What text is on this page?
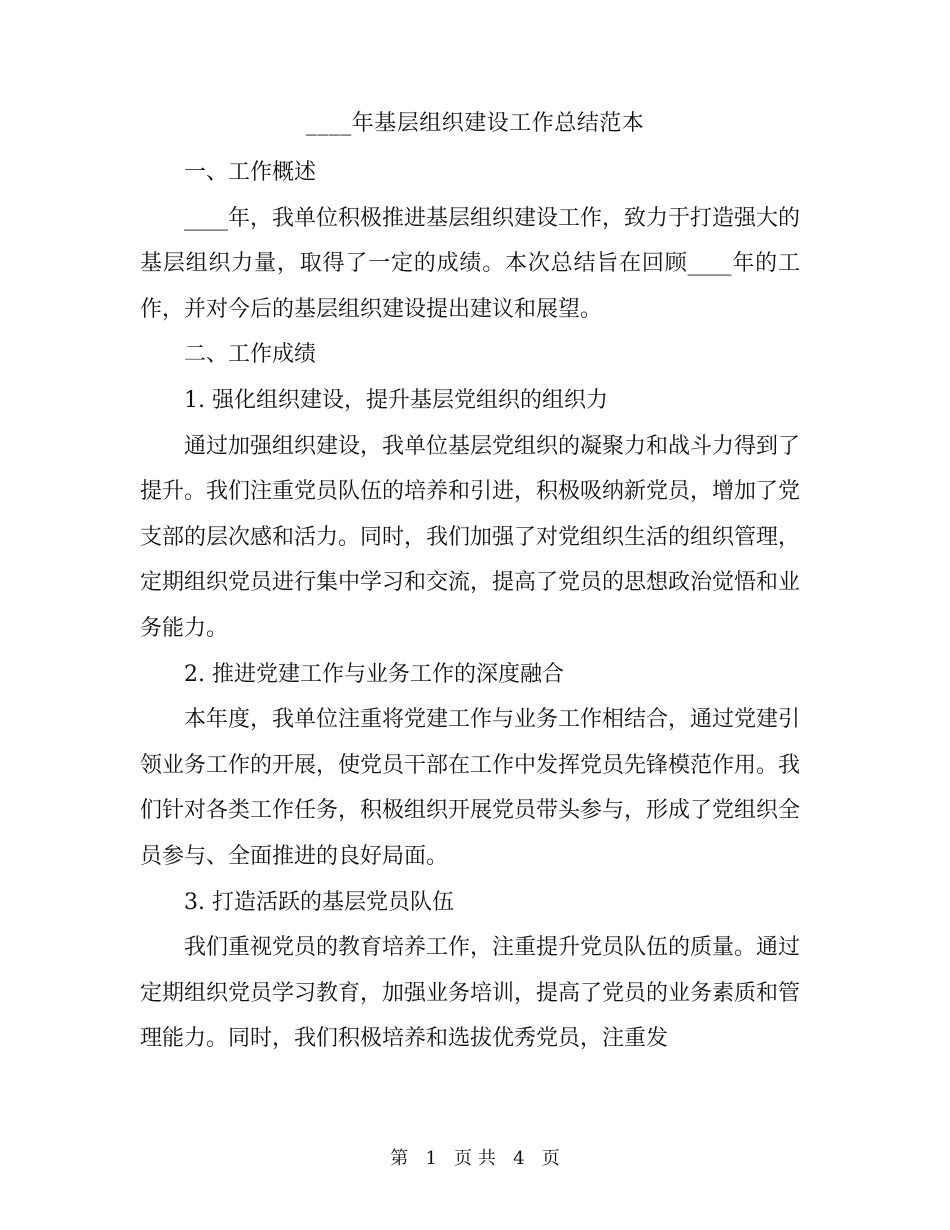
____年基层组织建设工作总结范本

一、工作概述

____年，我单位积极推进基层组织建设工作，致力于打造强大的基层组织力量，取得了一定的成绩。本次总结旨在回顾____年的工作，并对今后的基层组织建设提出建议和展望。

二、工作成绩

1. 强化组织建设，提升基层党组织的组织力

通过加强组织建设，我单位基层党组织的凝聚力和战斗力得到了提升。我们注重党员队伍的培养和引进，积极吸纳新党员，增加了党支部的层次感和活力。同时，我们加强了对党组织生活的组织管理，定期组织党员进行集中学习和交流，提高了党员的思想政治觉悟和业务能力。

2. 推进党建工作与业务工作的深度融合

本年度，我单位注重将党建工作与业务工作相结合，通过党建引领业务工作的开展，使党员干部在工作中发挥党员先锋模范作用。我们针对各类工作任务，积极组织开展党员带头参与，形成了党组织全员参与、全面推进的良好局面。

3. 打造活跃的基层党员队伍

我们重视党员的教育培养工作，注重提升党员队伍的质量。通过定期组织党员学习教育，加强业务培训，提高了党员的业务素质和管理能力。同时，我们积极培养和选拔优秀党员，注重发

第 1 页 共 4 页
